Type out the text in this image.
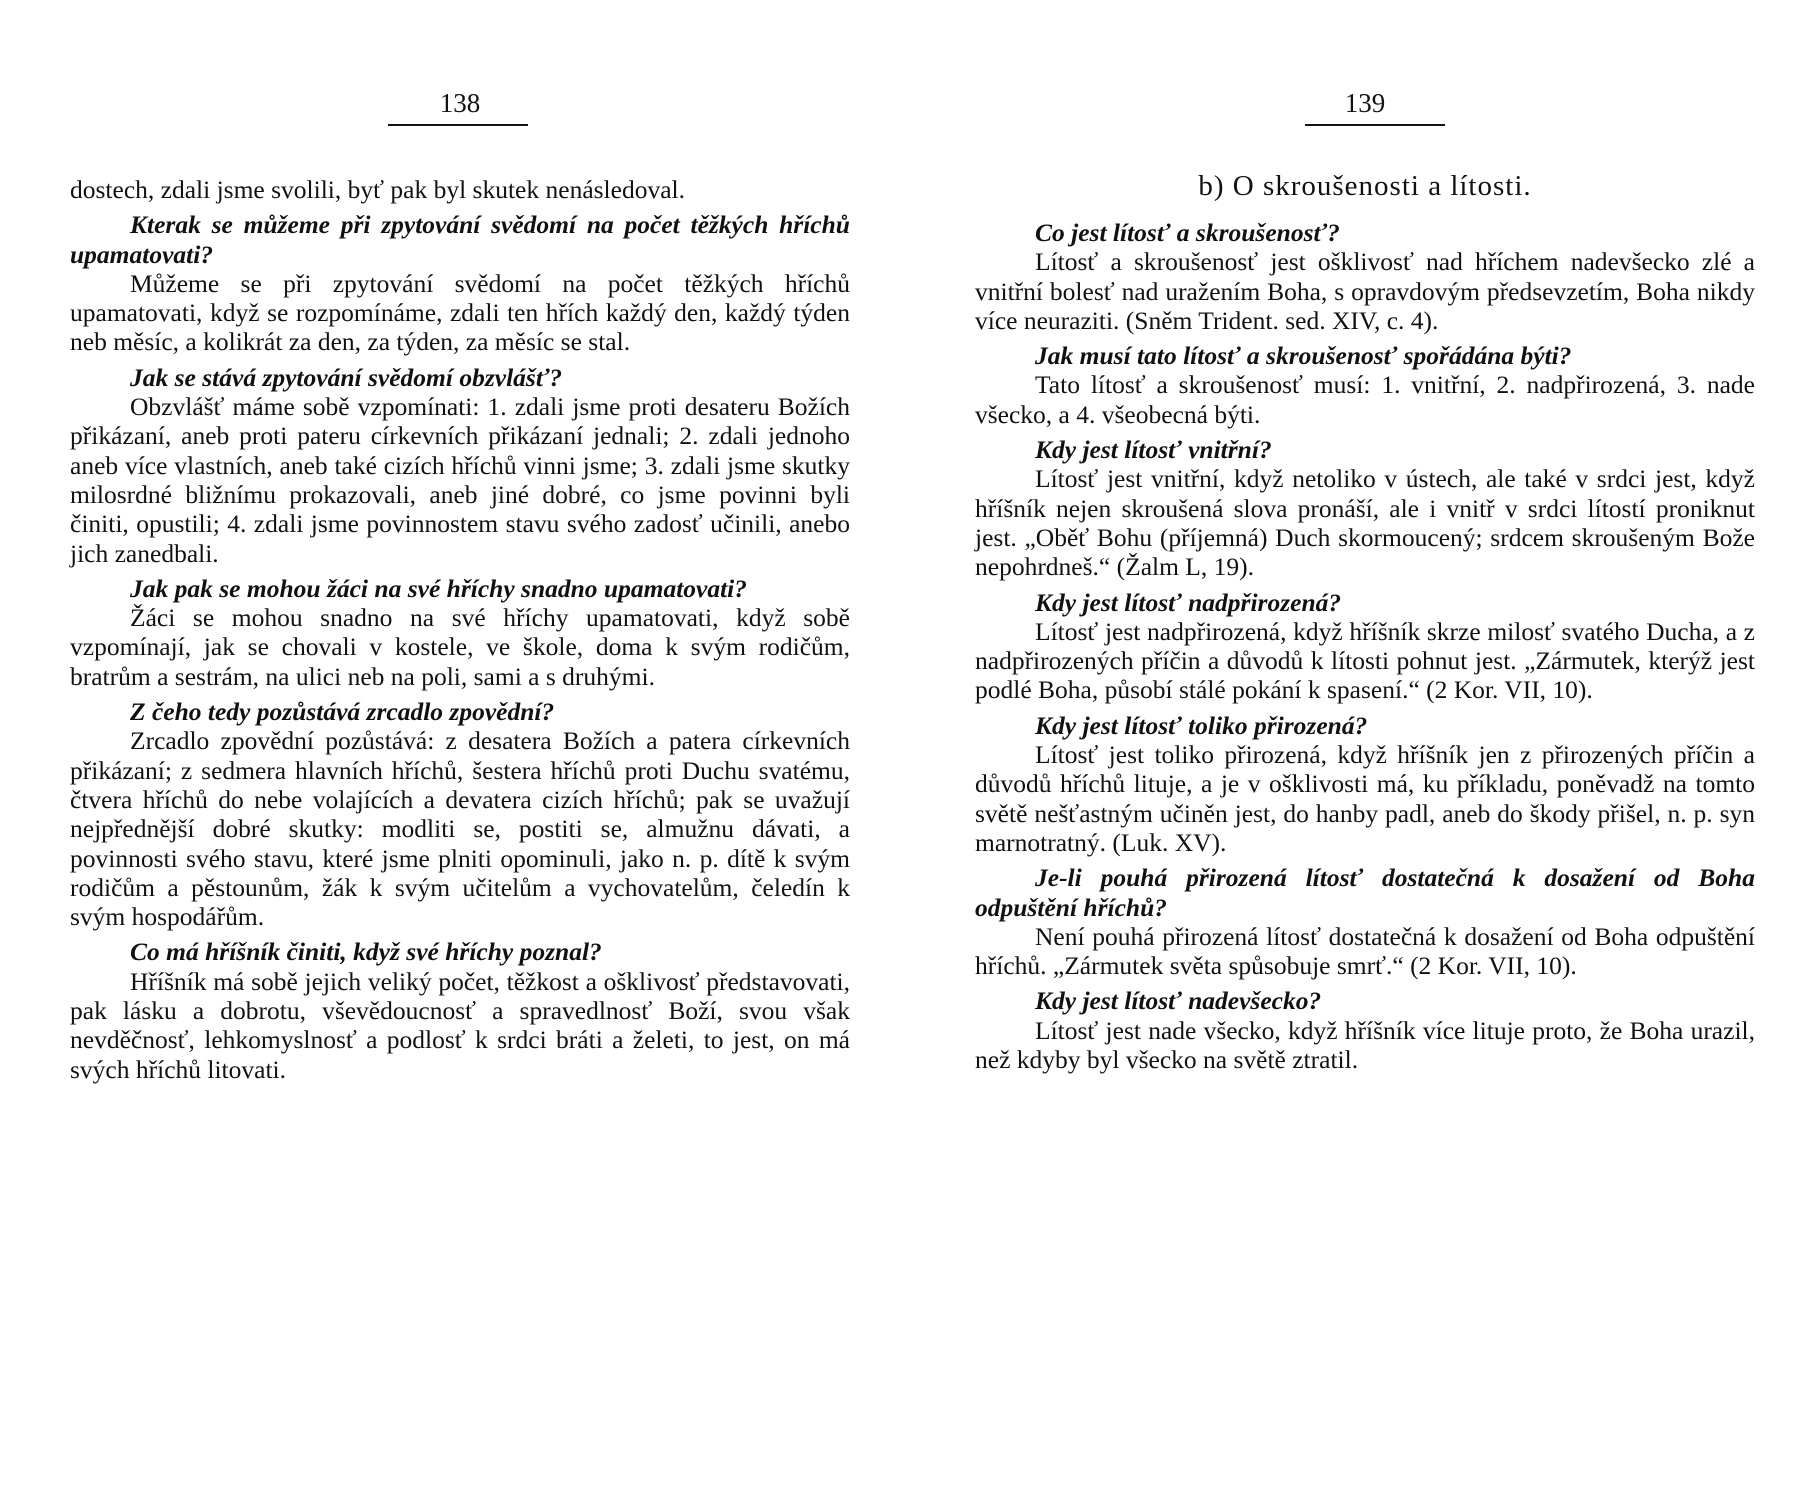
138

dostech, zdali jsme svolili, byť pak byl skutek nenásledoval.

Kterak se můžeme při zpytování svědomí na počet těžkých hříchů upamatovati?

Můžeme se při zpytování svědomí na počet těžkých hříchů upamatovati, když se rozpomínáme, zdali ten hřích každý den, každý týden neb měsíc, a kolikrát za den, za týden, za měsíc se stal.

Jak se stává zpytování svědomí obzvlášť?

Obzvlášť máme sobě vzpomínati: 1. zdali jsme proti desateru Božích přikázaní, aneb proti pateru církevních přikázaní jednali; 2. zdali jednoho aneb více vlastních, aneb také cizích hříchů vinni jsme; 3. zdali jsme skutky milosrdné bližnímu prokazovali, aneb jiné dobré, co jsme povinni byli činiti, opustili; 4. zdali jsme povinnostem stavu svého zadosť učinili, anebo jich zanedbali.

Jak pak se mohou žáci na své hříchy snadno upamatovati?

Žáci se mohou snadno na své hříchy upamatovati, když sobě vzpomínají, jak se chovali v kostele, ve škole, doma k svým rodičům, bratrům a sestrám, na ulici neb na poli, sami a s druhými.

Z čeho tedy pozůstává zrcadlo zpovědní?

Zrcadlo zpovědní pozůstává: z desatera Božích a patera církevních přikázaní; z sedmera hlavních hříchů, šestera hříchů proti Duchu svatému, čtvera hříchů do nebe volajících a devatera cizích hříchů; pak se uvažují nejpřednější dobré skutky: modliti se, postiti se, almužnu dávati, a povinnosti svého stavu, které jsme plniti opominuli, jako n. p. dítě k svým rodičům a pěstounům, žák k svým učitelům a vychovatelům, čeledín k svým hospodářům.

Co má hříšník činiti, když své hříchy poznal?

Hříšník má sobě jejich veliký počet, těžkost a ošklivosť představovati, pak lásku a dobrotu, vševědoucnosť a spravedlnosť Boží, svou však nevděčnosť, lehkomyslnosť a podlosť k srdci bráti a želeti, to jest, on má svých hříchů litovati.

139
b) O skroušenosti a lítosti.

Co jest lítosť a skroušenosť?

Lítosť a skroušenosť jest ošklivosť nad hříchem nadevšecko zlé a vnitřní bolesť nad uražením Boha, s opravdovým předsevzetím, Boha nikdy více neuraziti. (Sněm Trident. sed. XIV, c. 4).

Jak musí tato lítosť a skroušenosť spořádána býti?

Tato lítosť a skroušenosť musí: 1. vnitřní, 2. nadpřirozená, 3. nade všecko, a 4. všeobecná býti.

Kdy jest lítosť vnitřní?

Lítosť jest vnitřní, když netoliko v ústech, ale také v srdci jest, když hříšník nejen skroušená slova pronáší, ale i vnitř v srdci lítostí proniknut jest. „Oběť Bohu (příjemná) Duch skormoucený; srdcem skroušeným Bože nepohrdneš.“ (Žalm L, 19).

Kdy jest lítosť nadpřirozená?

Lítosť jest nadpřirozená, když hříšník skrze milosť svatého Ducha, a z nadpřirozených příčin a důvodů k lítosti pohnut jest. „Zármutek, kterýž jest podlé Boha, působí stálé pokání k spasení.“ (2 Kor. VII, 10).

Kdy jest lítosť toliko přirozená?

Lítosť jest toliko přirozená, když hříšník jen z přirozených příčin a důvodů hříchů lituje, a je v ošklivosti má, ku příkladu, poněvadž na tomto světě nešťastným učiněn jest, do hanby padl, aneb do škody přišel, n. p. syn marnotratný. (Luk. XV).

Je-li pouhá přirozená lítosť dostatečná k dosažení od Boha odpuštění hříchů?

Není pouhá přirozená lítosť dostatečná k dosažení od Boha odpuštění hříchů. „Zármutek světa spůsobuje smrť.“ (2 Kor. VII, 10).

Kdy jest lítosť nadevšecko?

Lítosť jest nade všecko, když hříšník více lituje proto, že Boha urazil, než kdyby byl všecko na světě ztratil.
